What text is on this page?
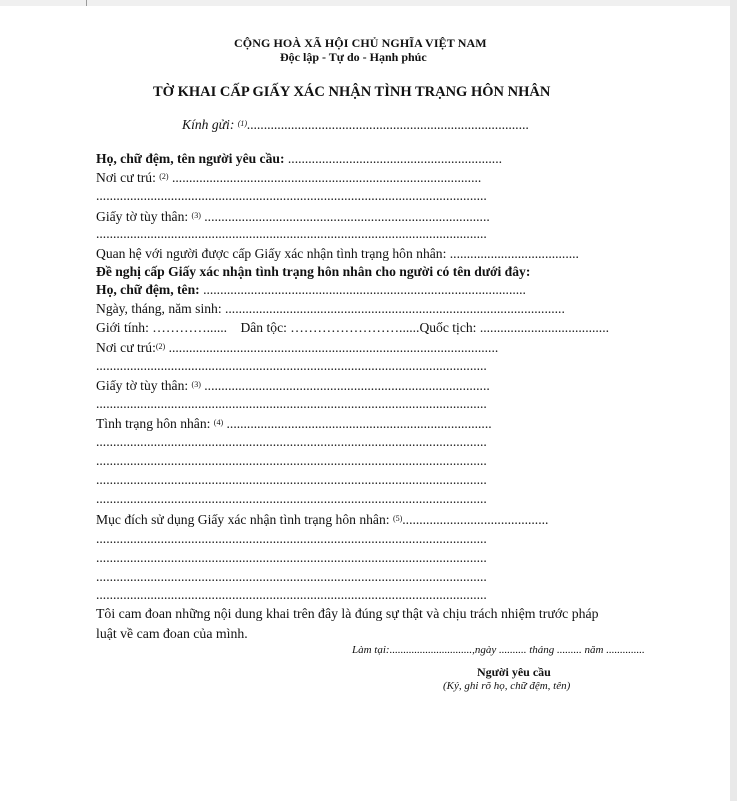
CỘNG HOÀ XÃ HỘI CHỦ NGHĨA VIỆT NAM
Độc lập - Tự do - Hạnh phúc
TỜ KHAI CẤP GIẤY XÁC NHẬN TÌNH TRẠNG HÔN NHÂN
Kính gửi: $^{(1)}$...................................................................................
Họ, chữ đệm, tên người yêu cầu: ...............................................................
Nơi cư trú: $^{(2)}$ ...........................................................................................
...................................................................................................................
Giấy tờ tùy thân: $^{(3)}$ ....................................................................................
...................................................................................................................
Quan hệ với người được cấp Giấy xác nhận tình trạng hôn nhân: ......................................
Đề nghị cấp Giấy xác nhận tình trạng hôn nhân cho người có tên dưới đây:
Họ, chữ đệm, tên: ...............................................................................................
Ngày, tháng, năm sinh: ....................................................................................................
Giới tính: …………...... Dân tộc: ……………………......Quốc tịch: ......................................
Nơi cư trú:$^{(2)}$ .................................................................................................
...................................................................................................................
Giấy tờ tùy thân: $^{(3)}$ ....................................................................................
...................................................................................................................
Tình trạng hôn nhân: $^{(4)}$ ..............................................................................
...................................................................................................................
...................................................................................................................
...................................................................................................................
...................................................................................................................
Mục đích sử dụng Giấy xác nhận tình trạng hôn nhân: $^{(5)}$...........................................
...................................................................................................................
...................................................................................................................
...................................................................................................................
...................................................................................................................
Tôi cam đoan những nội dung khai trên đây là đúng sự thật và chịu trách nhiệm trước pháp
luật về cam đoan của mình.
Làm tại:..............................,ngày .......... tháng ......... năm ..............
Người yêu cầu
(Ký, ghi rõ họ, chữ đệm, tên)
